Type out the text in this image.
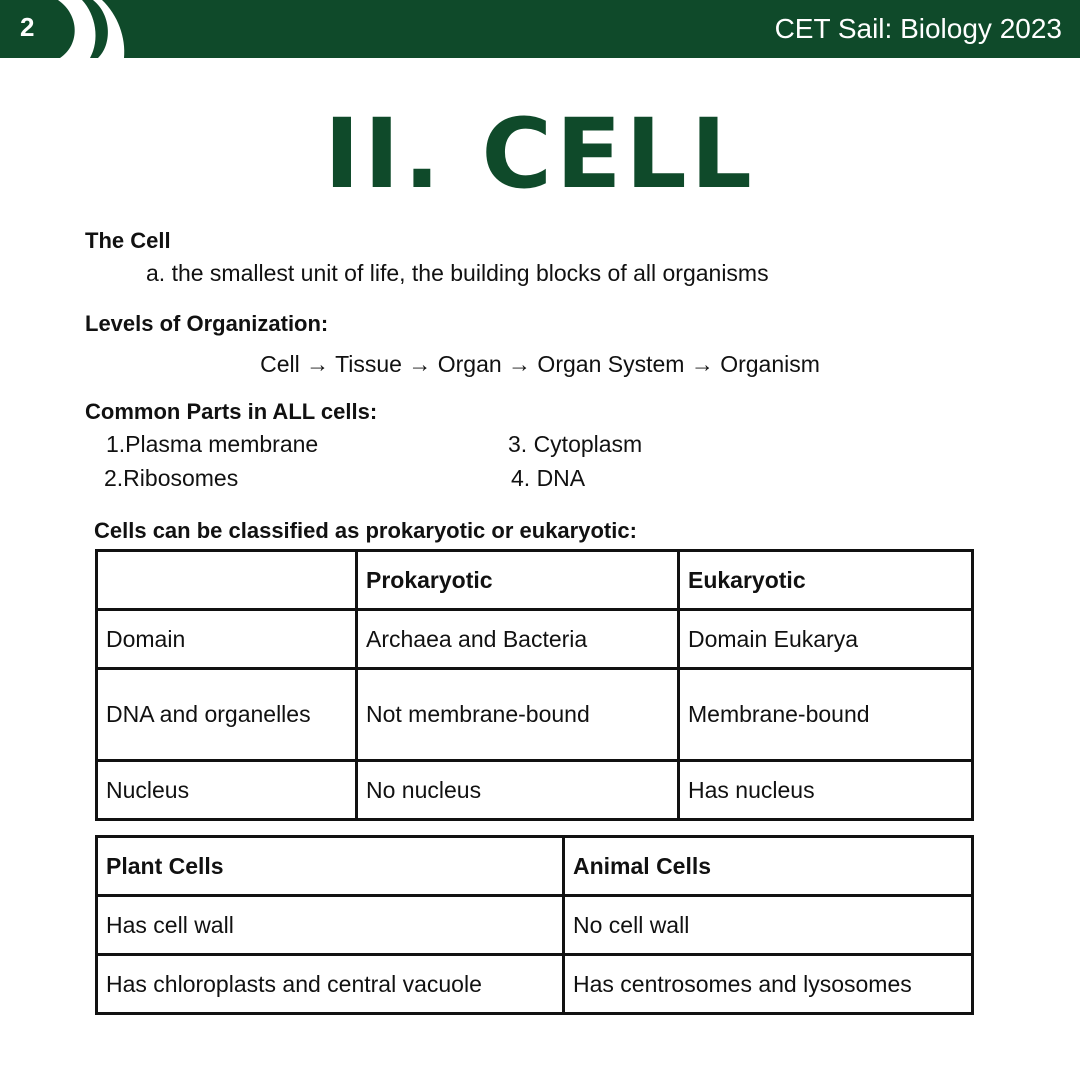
2	CET Sail: Biology 2023
II. CELL
The Cell
a. the smallest unit of life, the building blocks of all organisms
Levels of Organization:
Cell → Tissue → Organ → Organ System → Organism
Common Parts in ALL cells:
1.Plasma membrane
2.Ribosomes
3. Cytoplasm
4. DNA
Cells can be classified as prokaryotic or eukaryotic:
	Prokaryotic	Eukaryotic
Domain	Archaea and Bacteria	Domain Eukarya
DNA and organelles	Not membrane-bound	Membrane-bound
Nucleus	No nucleus	Has nucleus
Plant Cells	Animal Cells
Has cell wall	No cell wall
Has chloroplasts and central vacuole	Has centrosomes and lysosomes
